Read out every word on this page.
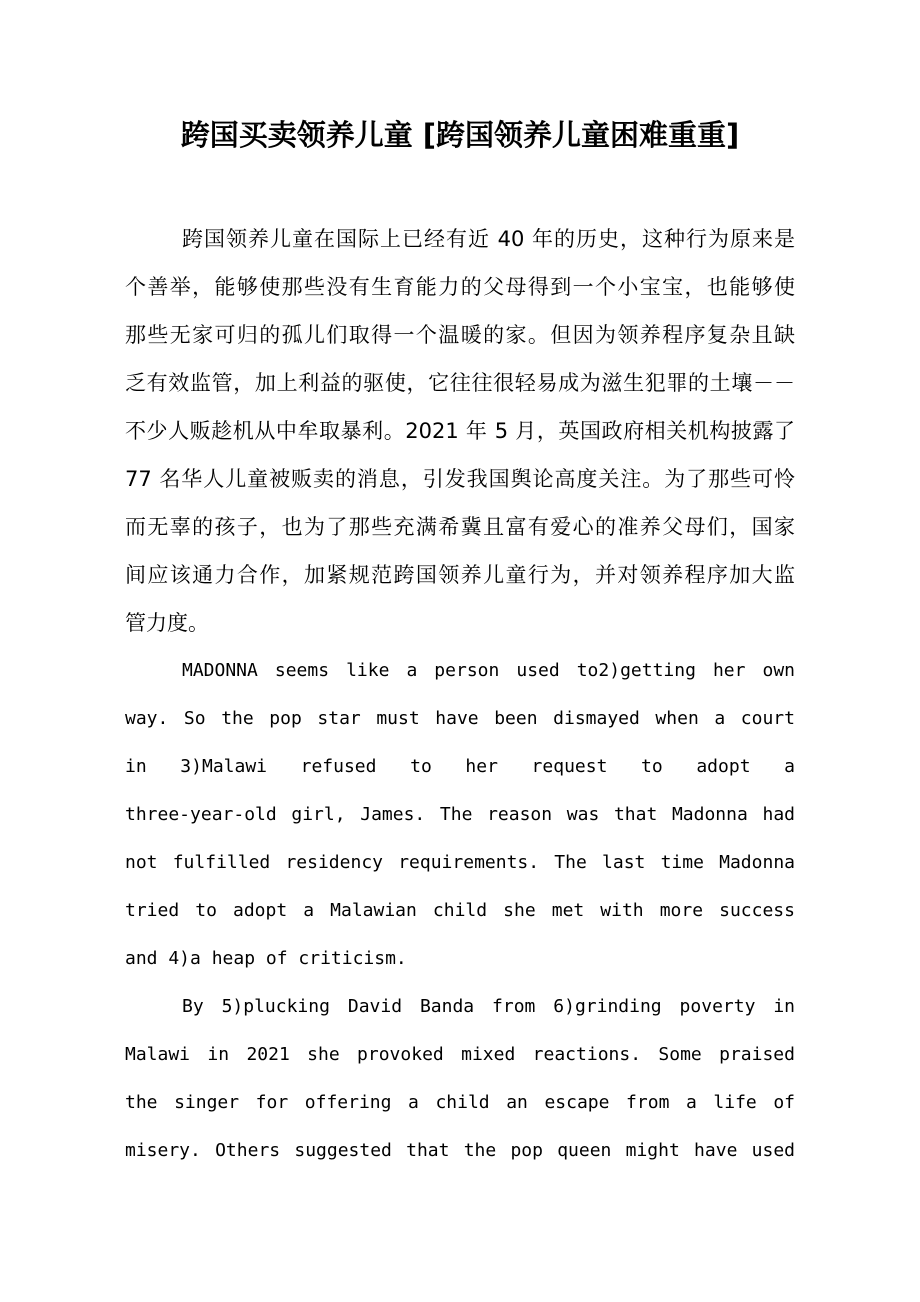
跨国买卖领养儿童 [跨国领养儿童困难重重]
跨国领养儿童在国际上已经有近 40 年的历史，这种行为原来是
个善举，能够使那些没有生育能力的父母得到一个小宝宝，也能够使
那些无家可归的孤儿们取得一个温暖的家。但因为领养程序复杂且缺
乏有效监管，加上利益的驱使，它往往很轻易成为滋生犯罪的土壤－－
不少人贩趁机从中牟取暴利。2021 年 5 月，英国政府相关机构披露了
77 名华人儿童被贩卖的消息，引发我国舆论高度关注。为了那些可怜
而无辜的孩子，也为了那些充满希冀且富有爱心的准养父母们，国家
间应该通力合作，加紧规范跨国领养儿童行为，并对领养程序加大监
管力度。
MADONNA seems like a person used to2)getting her own
way. So the pop star must have been dismayed when a court
in 3)Malawi refused to her request to adopt a
three-year-old girl, James. The reason was that Madonna had
not fulfilled residency requirements. The last time Madonna
tried to adopt a Malawian child she met with more success
and 4)a heap of criticism.
By 5)plucking David Banda from 6)grinding poverty in
Malawi in 2021 she provoked mixed reactions. Some praised
the singer for offering a child an escape from a life of
misery. Others suggested that the pop queen might have used
